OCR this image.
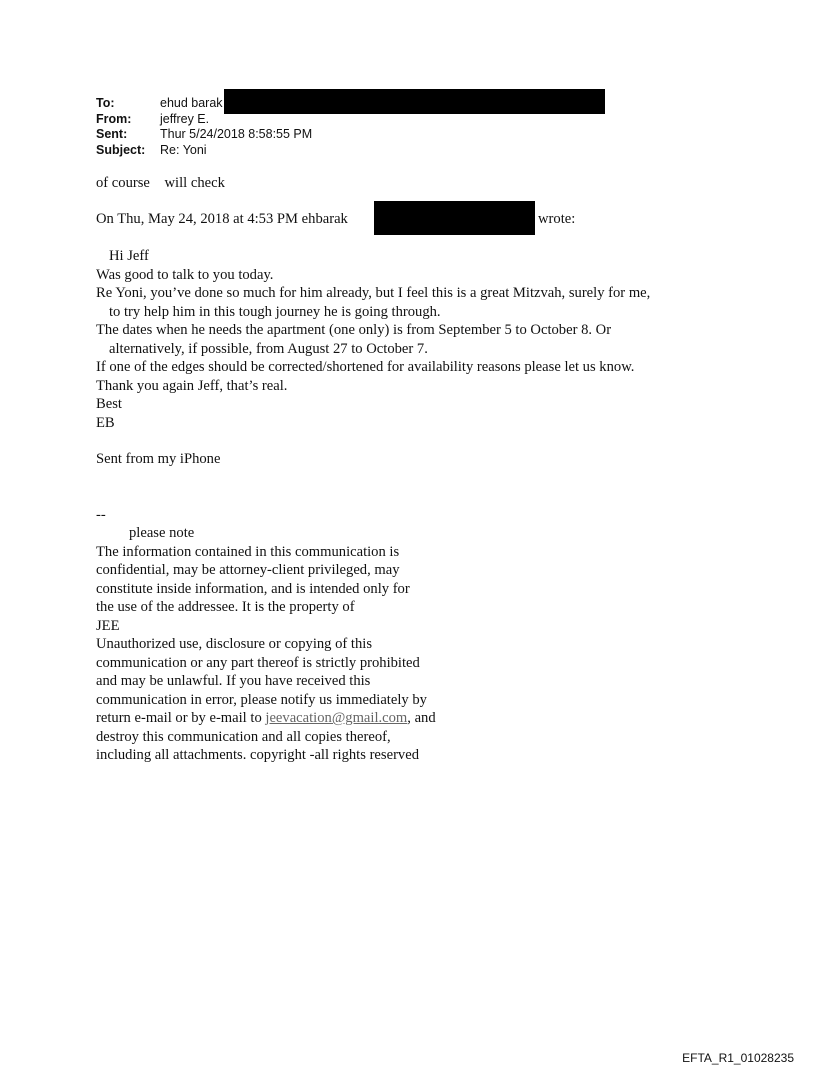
To:	ehud barak
From:	jeffrey E.
Sent:	Thur 5/24/2018 8:58:55 PM
Subject:	Re: Yoni
of course    will check
On Thu, May 24, 2018 at 4:53 PM ehbarak	wrote:
Hi Jeff
Was good to talk to you today.
Re Yoni, you’ve done so much for him already, but I feel this is a great Mitzvah, surely for me,
to try help him in this tough journey he is going through.
The dates when he needs the apartment (one only) is from September 5 to October 8. Or
alternatively, if possible, from August 27 to October 7.
If one of the edges should be corrected/shortened for availability reasons please let us know.
Thank you again Jeff, that’s real.
Best
EB
Sent from my iPhone
--
please note
The information contained in this communication is
confidential, may be attorney-client privileged, may
constitute inside information, and is intended only for
the use of the addressee. It is the property of
JEE
Unauthorized use, disclosure or copying of this
communication or any part thereof is strictly prohibited
and may be unlawful. If you have received this
communication in error, please notify us immediately by
return e-mail or by e-mail to jeevacation@gmail.com, and
destroy this communication and all copies thereof,
including all attachments. copyright -all rights reserved
EFTA_R1_01028235
